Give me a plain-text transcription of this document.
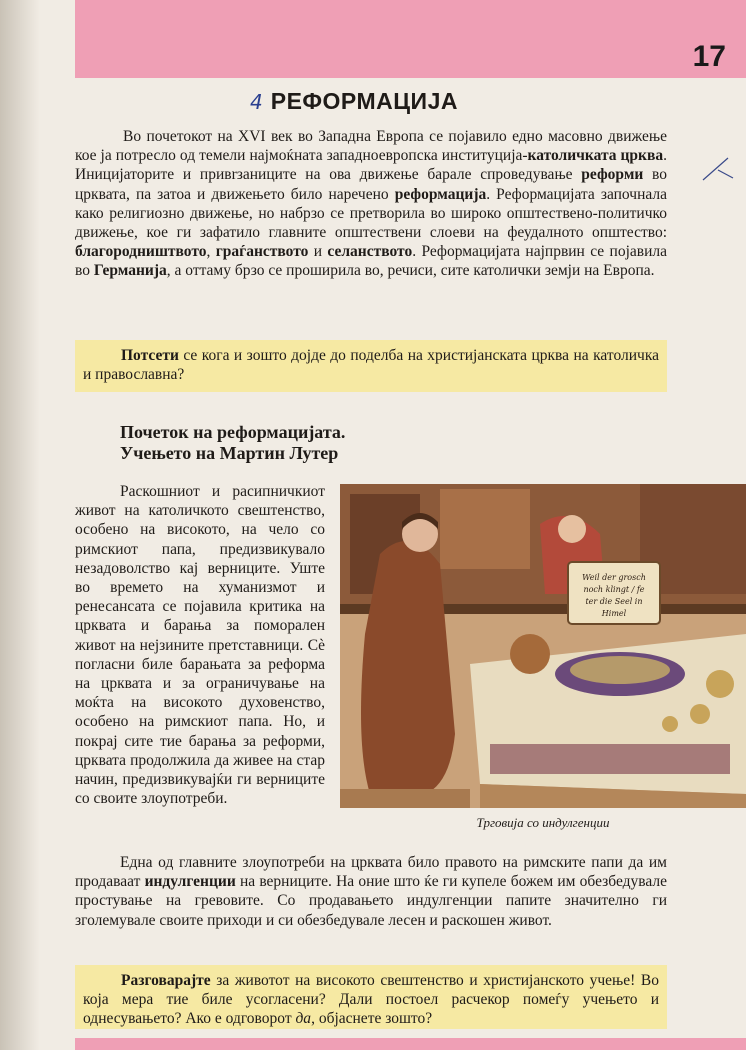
17
4 РЕФОРМАЦИЈА

Во почетокот на XVI век во Западна Европа се појавило едно масовно движење кое ја потресло од темели најмоќната западноевропска институција-католичката црква. Иницијаторите и привrзаниците на ова движење барале спроведување реформи во црквата, па затоа и движењето било наречено реформација. Реформацијата започнала како религиозно движење, но набрзо се претворила во широко општествено-политичко движење, кое ги зафатило главните општествени слоеви на феудалното општество: благородништвото, граѓанството и селанството. Реформацијата најпрвин се појавила во Германија, а оттаму брзо се проширила во, речиси, сите католички земји на Европа.

Потсети се кога и зошто дојде до поделба на христијанската црква на католичка и православна?
Почеток на реформацијата.
Учењето на Мартин Лутер

Раскошниот и расипничкиот живот на католичкото свештенство, особено на високото, на чело со римскиот папа, предизвикувало незадоволство кај верниците. Уште во времето на хуманизмот и ренесансата се појавила критика на црквата и барања за поморален живот на нејзините претставници. Сè погласни биле барањата за реформа на црквата и за ограничување на моќта на високото духовенство, особено на римскиот папа. Но, и покрај сите тие барања за реформи, црквата продолжила да живее на стар начин, предизвикувајќи ги верниците со своите злоупотреби.

Weil der grosch
noch klingt / fe
ter die Seel in
Himel
Трговија со индулгенции

Една од главните злоупотреби на црквата било правото на римските папи да им продаваат индулгенции на верниците. На оние што ќе ги купеле божем им обезбедувале простување на гревовите. Со продавањето индулгенции папите значително ги зголемувале своите приходи и си обезбедувале лесен и раскошен живот.

Разговарајте за животот на високото свештенство и христијанското учење! Во која мера тие биле усогласени? Дали постоел расчекор помеѓу учењето и однесувањето? Ако е одговорот да, објаснете зошто?
